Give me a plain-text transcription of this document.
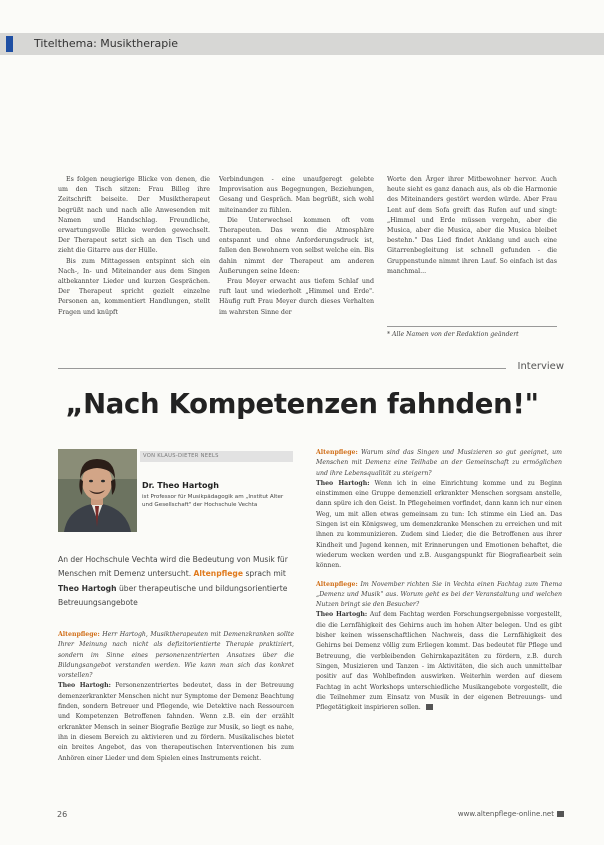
Titelthema: Musiktherapie

Es folgen neugierige Blicke von denen, die um den Tisch sitzen: Frau Billeg ihre Zeitschrift beiseite. Der Musiktherapeut begrüßt nach und nach alle Anwesenden mit Namen und Handschlag. Freundliche, erwartungsvolle Blicke werden gewechselt. Der Therapeut setzt sich an den Tisch und zieht die Gitarre aus der Hülle.

Bis zum Mittagessen entspinnt sich ein Nach-, In- und Miteinander aus dem Singen altbekannter Lieder und kurzen Gesprächen. Der Therapeut spricht gezielt einzelne Personen an, kommentiert Handlungen, stellt Fragen und knüpft

Verbindungen - eine unaufgeregt gelebte Improvisation aus Begegnungen, Beziehungen, Gesang und Gespräch. Man begrüßt, sich wohl miteinander zu fühlen.

Die Unterwechsel kommen oft vom Therapeuten. Das wenn die Atmosphäre entspannt und ohne Anforderungsdruck ist, fallen den Bewohnern von selbst welche ein. Bis dahin nimmt der Therapeut am anderen Äußerungen seine Ideen:

Frau Meyer erwacht aus tiefem Schlaf und ruft laut und wiederholt „Himmel und Erde". Häufig ruft Frau Meyer durch dieses Verhalten im wahrsten Sinne der

Worte den Ärger ihrer Mitbewohner hervor. Auch heute sieht es ganz danach aus, als ob die Harmonie des Miteinanders gestört werden würde. Aber Frau Lent auf dem Sofa greift das Rufen auf und singt: „Himmel und Erde müssen vergehn, aber die Musica, aber die Musica, aber die Musica bleibet bestehn." Das Lied findet Anklang und auch eine Gitarrenbegleitung ist schnell gefunden - die Gruppenstunde nimmt ihren Lauf. So einfach ist das manchmal...

* Alle Namen von der Redaktion geändert
Interview
„Nach Kompetenzen fahnden!"
VON KLAUS-DIETER NEELS
Dr. Theo Hartogh
ist Professor für Musikpädagogik am „Institut Alter und Gesellschaft" der Hochschule Vechta
An der Hochschule Vechta wird die Bedeutung von Musik für Menschen mit Demenz untersucht. Altenpflege sprach mit Theo Hartogh über therapeutische und bildungsorientierte Betreuungsangebote

Altenpflege: Herr Hartogh, Musiktherapeuten mit Demenzkranken sollte Ihrer Meinung nach nicht als defizitorientierte Therapie praktiziert, sondern im Sinne eines personenzentrierten Ansatzes über die Bildungsangebot verstanden werden. Wie kann man sich das konkret vorstellen?

Theo Hartogh: Personenzentriertes bedeutet, dass in der Betreuung demenzerkrankter Menschen nicht nur Symptome der Demenz Beachtung finden, sondern Betreuer und Pflegende, wie Detektive nach Ressourcen und Kompetenzen Betroffenen fahnden. Wenn z.B. ein der erzählt erkrankter Mensch in seiner Biografie Bezüge zur Musik, so liegt es nahe, ihn in diesem Bereich zu aktivieren und zu fördern. Musikalisches bietet ein breites Angebot, das von therapeutischen Interventionen bis zum Anhören einer Lieder und dem Spielen eines Instruments reicht.

Altenpflege: Warum sind das Singen und Musizieren so gut geeignet, um Menschen mit Demenz eine Teilhabe an der Gemeinschaft zu ermöglichen und ihre Lebensqualität zu steigern?

Theo Hartogh: Wenn ich in eine Einrichtung komme und zu Beginn einstimmen eine Gruppe demenziell erkrankter Menschen sorgsam anstelle, dann spüre ich den Geist. In Pflegeheimen vorfindet, dann kann ich nur einen Weg, um mit allen etwas gemeinsam zu tun: Ich stimme ein Lied an. Das Singen ist ein Königsweg, um demenzkranke Menschen zu erreichen und mit ihnen zu kommunizieren. Zudem sind Lieder, die die Betroffenen aus ihrer Kindheit und Jugend kennen, mit Erinnerungen und Emotionen behaftet, die wiederum wecken werden und z.B. Ausgangspunkt für Biografiearbeit sein können.

Altenpflege: Im November richten Sie in Vechta einen Fachtag zum Thema „Demenz und Musik" aus. Worum geht es bei der Veranstaltung und welchen Nutzen bringt sie den Besucher?

Theo Hartogh: Auf dem Fachtag werden Forschungsergebnisse vorgestellt, die die Lernfähigkeit des Gehirns auch im hohen Alter belegen. Und es gibt bisher keinen wissenschaftlichen Nachweis, dass die Lernfähigkeit des Gehirns bei Demenz völlig zum Erliegen kommt. Das bedeutet für Pflege und Betreuung, die verbleibenden Gehirnkapazitäten zu fördern, z.B. durch Singen, Musizieren und Tanzen - im Aktivitäten, die sich auch unmittelbar positiv auf das Wohlbefinden auswirken. Weiterhin werden auf diesem Fachtag in acht Workshops unterschiedliche Musikangebote vorgestellt, die die Teilnehmer zum Einsatz von Musik in der eigenen Betreuungs- und Pflegetätigkeit inspirieren sollen.

26	www.altenpflege-online.net
